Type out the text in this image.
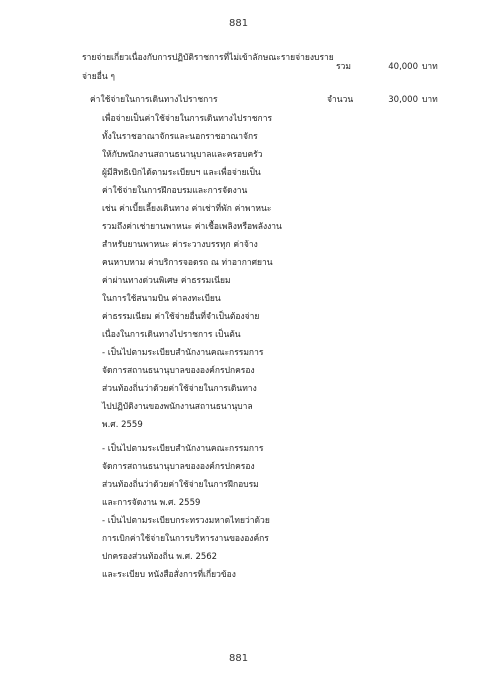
881
รายจ่ายเกี่ยวเนื่องกับการปฏิบัติราชการที่ไม่เข้าลักษณะรายจ่ายงบราย
จ่ายอื่น ๆ
รวม	40,000 บาท
ค่าใช้จ่ายในการเดินทางไปราชการ	จำนวน	30,000 บาท
เพื่อจ่ายเป็นค่าใช้จ่ายในการเดินทางไปราชการ
ทั้งในราชอาณาจักรและนอกราชอาณาจักร
ให้กับพนักงานสถานธนานุบาลและครอบครัว
ผู้มีสิทธิเบิกได้ตามระเบียบฯ และเพื่อจ่ายเป็น
ค่าใช้จ่ายในการฝึกอบรมและการจัดงาน
เช่น ค่าเบี้ยเลี้ยงเดินทาง ค่าเช่าที่พัก ค่าพาหนะ
รวมถึงค่าเช่ายานพาหนะ ค่าเชื้อเพลิงหรือพลังงาน
สำหรับยานพาหนะ ค่าระวางบรรทุก ค่าจ้าง
คนหาบหาม ค่าบริการจอดรถ ณ ท่าอากาศยาน
ค่าผ่านทางด่วนพิเศษ ค่าธรรมเนียม
ในการใช้สนามบิน ค่าลงทะเบียน
ค่าธรรมเนียม ค่าใช้จ่ายอื่นที่จำเป็นต้องจ่าย
เนื่องในการเดินทางไปราชการ เป็นต้น
- เป็นไปตามระเบียบสำนักงานคณะกรรมการ
จัดการสถานธนานุบาลขององค์กรปกครอง
ส่วนท้องถิ่นว่าด้วยค่าใช้จ่ายในการเดินทาง
ไปปฏิบัติงานของพนักงานสถานธนานุบาล
พ.ศ. 2559
- เป็นไปตามระเบียบสำนักงานคณะกรรมการ
จัดการสถานธนานุบาลขององค์กรปกครอง
ส่วนท้องถิ่นว่าด้วยค่าใช้จ่ายในการฝึกอบรม
และการจัดงาน พ.ศ. 2559
- เป็นไปตามระเบียบกระทรวงมหาดไทยว่าด้วย
การเบิกค่าใช้จ่ายในการบริหารงานขององค์กร
ปกครองส่วนท้องถิ่น พ.ศ. 2562
และระเบียบ หนังสือสั่งการที่เกี่ยวข้อง
881
